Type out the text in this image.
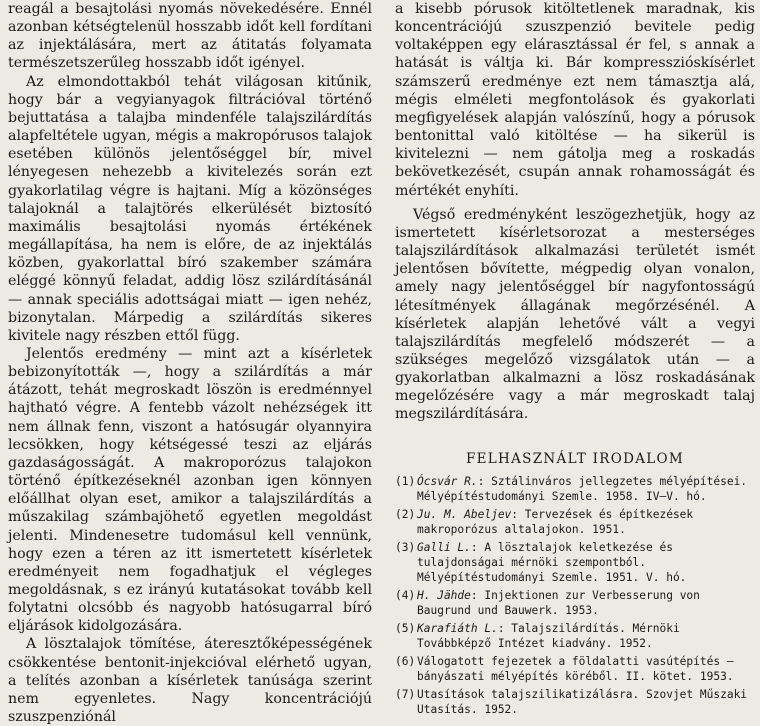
reagál a besajtolási nyomás növekedésére. Ennél azonban kétségtelenül hosszabb időt kell fordítani az injektálására, mert az átitatás folyamata természetszerűleg hosszabb időt igényel.

Az elmondottakból tehát világosan kitűnik, hogy bár a vegyianyagok filtrációval történő bejuttatása a talajba mindenféle talajszilárdítás alapfeltétele ugyan, mégis a makropórusos talajok esetében különös jelentőséggel bír, mivel lényegesen nehezebb a kivitelezés során ezt gyakorlatilag végre is hajtani. Míg a közönséges talajoknál a talajtörés elkerülését biztosító maximális besajtolási nyomás értékének megállapítása, ha nem is előre, de az injektálás közben, gyakorlattal bíró szakember számára eléggé könnyű feladat, addig lösz szilárdításánál — annak speciális adottságai miatt — igen nehéz, bizonytalan. Márpedig a szilárdítás sikeres kivitele nagy részben ettől függ.

Jelentős eredmény — mint azt a kísérletek bebizonyították —, hogy a szilárdítás a már átázott, tehát megroskadt löszön is eredménnyel hajtható végre. A fentebb vázolt nehézségek itt nem állnak fenn, viszont a hatósugár olyannyira lecsökken, hogy kétségessé teszi az eljárás gazdaságosságát. A makroporózus talajokon történő építkezéseknél azonban igen könnyen előállhat olyan eset, amikor a talajszilárdítás a műszakilag számbajöhető egyetlen megoldást jelenti. Mindenesetre tudomásul kell vennünk, hogy ezen a téren az itt ismertetett kísérletek eredményeit nem fogadhatjuk el végleges megoldásnak, s ez irányú kutatásokat tovább kell folytatni olcsóbb és nagyobb hatósugarral bíró eljárások kidolgozására.

A lösztalajok tömítése, áteresztőképességének csökkentése bentonit-injekcióval elérhető ugyan, a telítés azonban a kísérletek tanúsága szerint nem egyenletes. Nagy koncentrációjú szuszpenziónál

a kisebb pórusok kitöltetlenek maradnak, kis koncentrációjú szuszpenzió bevitele pedig voltaképpen egy elárasztással ér fel, s annak a hatását is váltja ki. Bár kompresszióskísérlet számszerű eredménye ezt nem támasztja alá, mégis elméleti megfontolások és gyakorlati megfigyelések alapján valószínű, hogy a pórusok bentonittal való kitöltése — ha sikerül is kivitelezni — nem gátolja meg a roskadás bekövetkezését, csupán annak rohamosságát és mértékét enyhíti.

Végső eredményként leszögezhetjük, hogy az ismertetett kísérletsorozat a mesterséges talajszilárdítások alkalmazási területét ismét jelentősen bővítette, mégpedig olyan vonalon, amely nagy jelentőséggel bír nagyfontosságú létesítmények állagának megőrzésénél. A kísérletek alapján lehetővé vált a vegyi talajszilárdítás megfelelő módszerét — a szükséges megelőző vizsgálatok után — a gyakorlatban alkalmazni a lösz roskadásának megelőzésére vagy a már megroskadt talaj megszilárdítására.

FELHASZNÁLT IRODALOM
(1) Ócsvár R.: Sztálinváros jellegzetes mélyépítései. Mélyépítéstudományi Szemle. 1958. IV—V. hó.
(2) Ju. M. Abeljev: Tervezések és építkezések makroporózus altalajokon. 1951.
(3) Galli L.: A lösztalajok keletkezése és tulajdonságai mérnöki szempontból. Mélyépítéstudományi Szemle. 1951. V. hó.
(4) H. Jähde: Injektionen zur Verbesserung von Baugrund und Bauwerk. 1953.
(5) Karafiáth L.: Talajszilárdítás. Mérnöki Továbbképző Intézet kiadvány. 1952.
(6) Válogatott fejezetek a földalatti vasútépítés — bányászati mélyépítés köréből. II. kötet. 1953.
(7) Utasítások talajszilikatizálásra. Szovjet Műszaki Utasítás. 1952.
